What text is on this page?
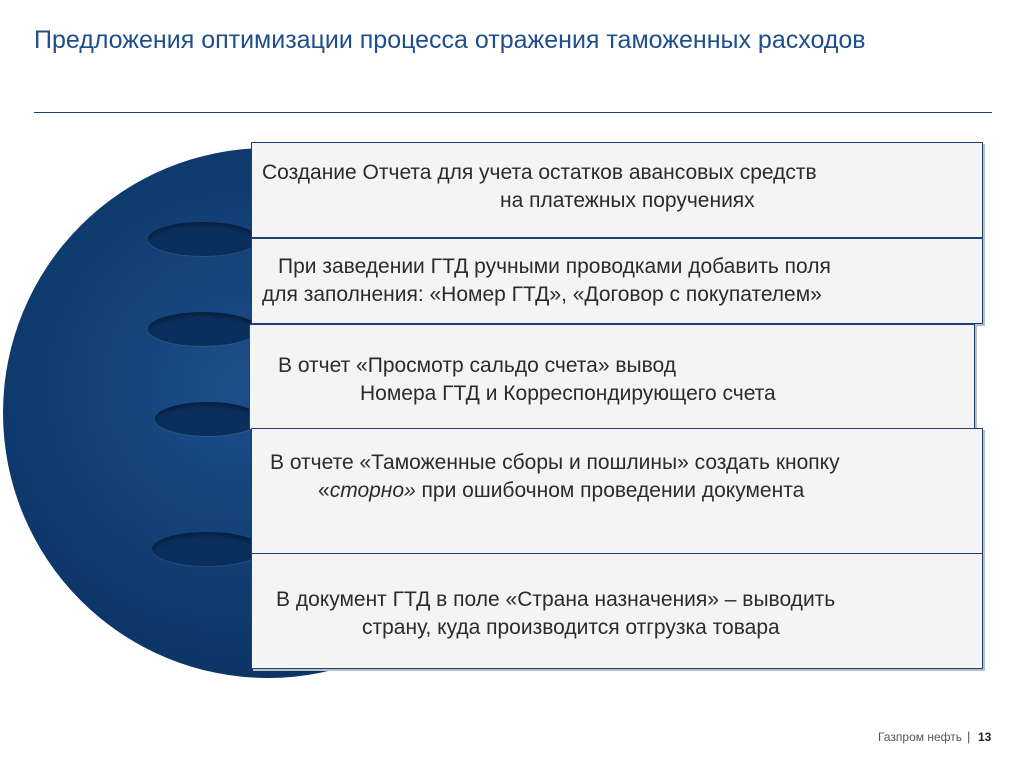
Предложения оптимизации процесса отражения таможенных расходов
Создание Отчета для учета остатков авансовых средств
на платежных поручениях
При заведении ГТД ручными проводками добавить поля
для заполнения: «Номер ГТД», «Договор с покупателем»
В отчет «Просмотр сальдо счета» вывод
Номера ГТД и Корреспондирующего счета
В отчете «Таможенные сборы и пошлины» создать кнопку
«сторно» при ошибочном проведении документа
В документ ГТД в поле «Страна назначения» – выводить
страну, куда производится отгрузка товара
Газпром нефть | 13
